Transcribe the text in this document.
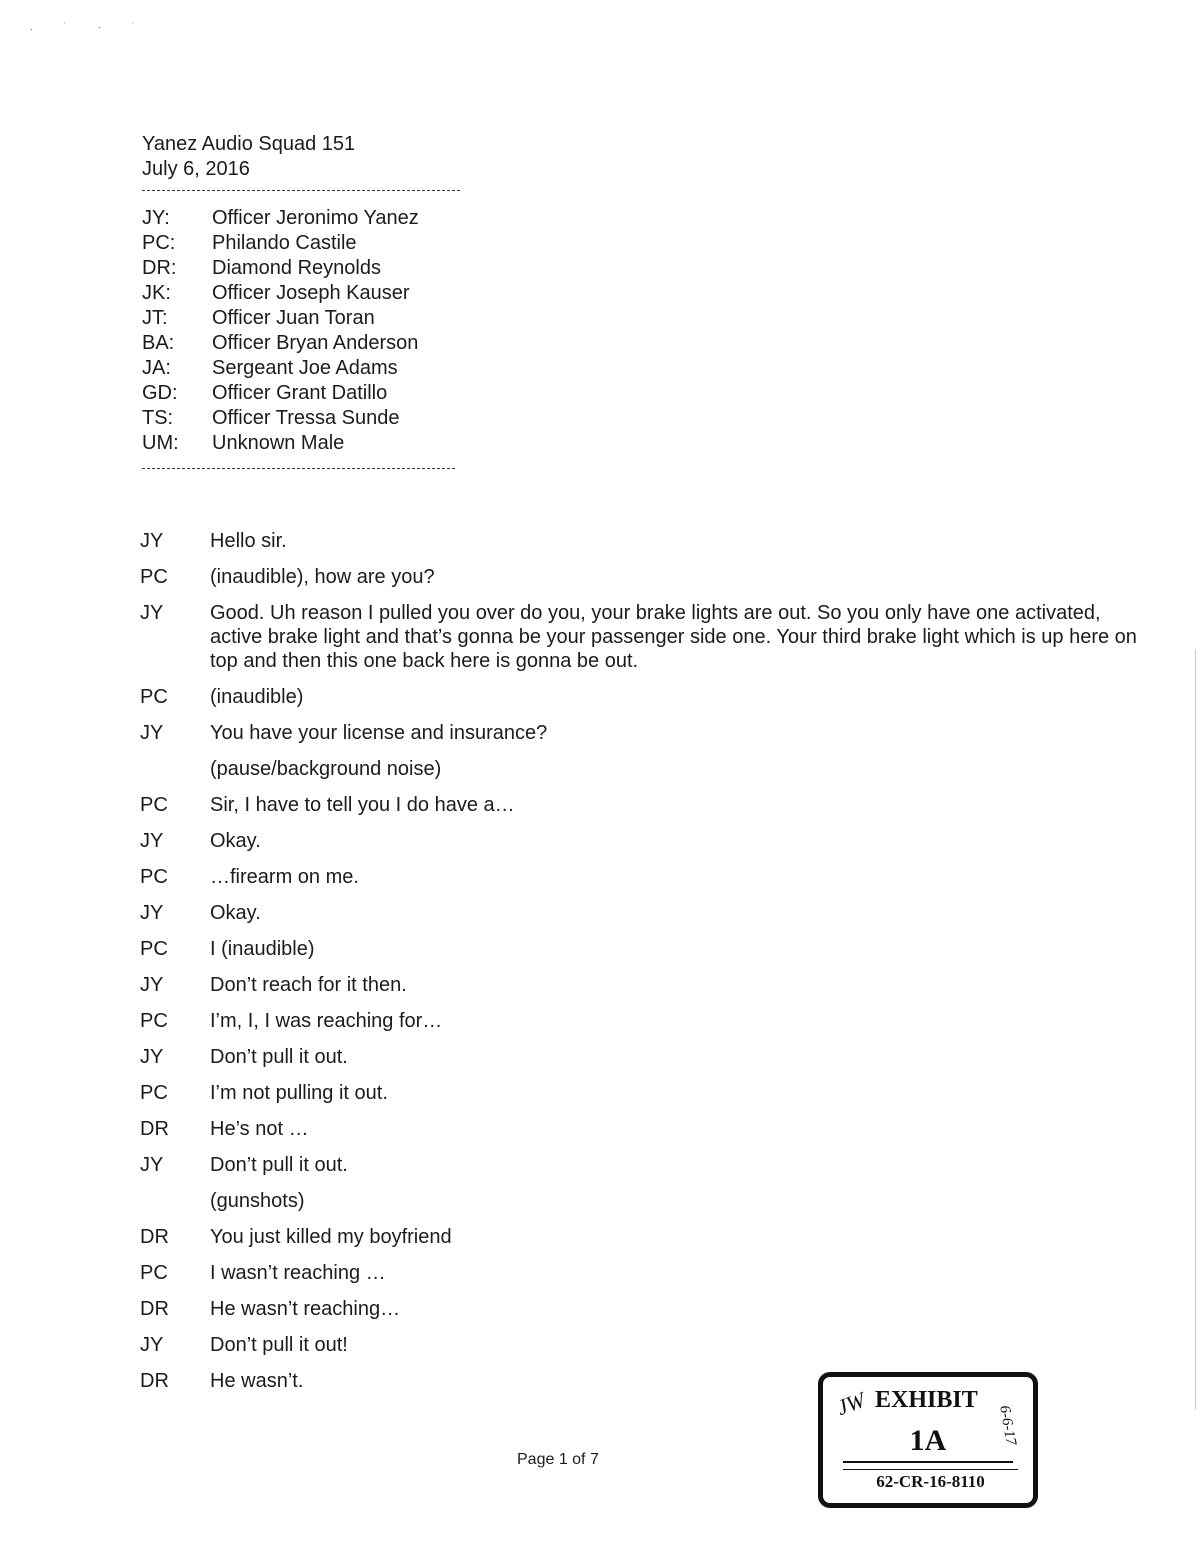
. ˙ · ˙
Yanez Audio Squad 151
July 6, 2016
JY:	Officer Jeronimo Yanez
PC:	Philando Castile
DR:	Diamond Reynolds
JK:	Officer Joseph Kauser
JT:	Officer Juan Toran
BA:	Officer Bryan Anderson
JA:	Sergeant Joe Adams
GD:	Officer Grant Datillo
TS:	Officer Tressa Sunde
UM:	Unknown Male
JY	Hello sir.
PC	(inaudible), how are you?
JY	Good. Uh reason I pulled you over do you, your brake lights are out. So you only have one activated, active brake light and that’s gonna be your passenger side one. Your third brake light which is up here on top and then this one back here is gonna be out.
PC	(inaudible)
JY	You have your license and insurance?
(pause/background noise)
PC	Sir, I have to tell you I do have a…
JY	Okay.
PC	…firearm on me.
JY	Okay.
PC	I (inaudible)
JY	Don’t reach for it then.
PC	I’m, I, I was reaching for…
JY	Don’t pull it out.
PC	I’m not pulling it out.
DR	He’s not …
JY	Don’t pull it out.
(gunshots)
DR	You just killed my boyfriend
PC	I wasn’t reaching …
DR	He wasn’t reaching…
JY	Don’t pull it out!
DR	He wasn’t.
Page 1 of 7
JW EXHIBIT
1A
62-CR-16-8110
6-6-17
